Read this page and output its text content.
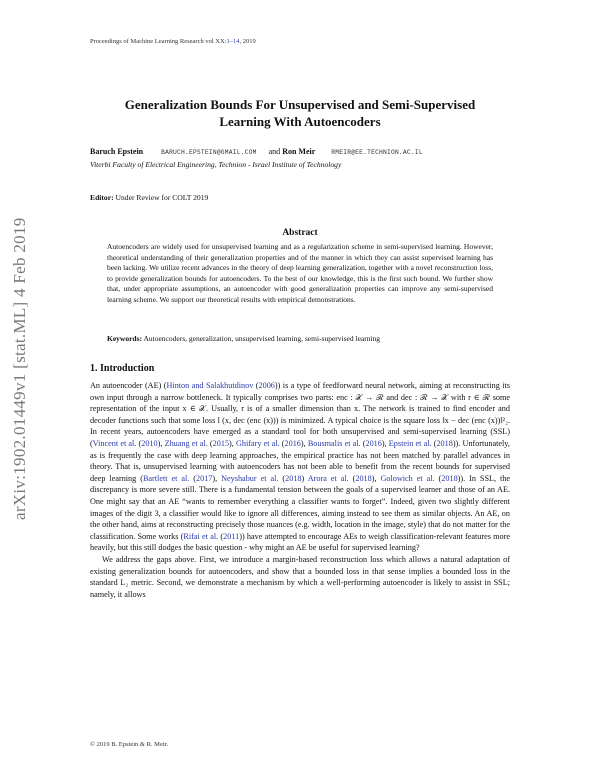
Proceedings of Machine Learning Research vol XX:1–14, 2019
Generalization Bounds For Unsupervised and Semi-Supervised
Learning With Autoencoders
Baruch Epstein	BARUCH.EPSTEIN@GMAIL.COM and Ron Meir	RMEIR@EE.TECHNION.AC.IL
Viterbi Faculty of Electrical Engineering, Technion - Israel Institute of Technology
Editor: Under Review for COLT 2019
arXiv:1902.01449v1 [stat.ML] 4 Feb 2019	Abstract
Autoencoders are widely used for unsupervised learning and as a regularization scheme in semi-supervised learning. However, theoretical understanding of their generalization properties and of the manner in which they can assist supervised learning has been lacking. We utilize recent advances in the theory of deep learning generalization, together with a novel reconstruction loss, to provide generalization bounds for autoencoders. To the best of our knowledge, this is the first such bound. We further show that, under appropriate assumptions, an autoencoder with good generalization properties can improve any semi-supervised learning scheme. We support our theoretical results with empirical demonstrations.
Keywords: Autoencoders, generalization, unsupervised learning, semi-supervised learning
1. Introduction

An autoencoder (AE) (Hinton and Salakhutdinov (2006)) is a type of feedforward neural network, aiming at reconstructing its own input through a narrow bottleneck. It typically comprises two parts: enc : 𝒳 → ℛ and dec : ℛ → 𝒳 with r ∈ ℛ some representation of the input x ∈ 𝒳. Usually, r is of a smaller dimension than x. The network is trained to find encoder and decoder functions such that some loss l (x, dec (enc (x))) is minimized. A typical choice is the square loss ‖x − dec (enc (x))‖²₂. In recent years, autoencoders have emerged as a standard tool for both unsupervised and semi-supervised learning (SSL) (Vincent et al. (2010), Zhuang et al. (2015), Ghifary et al. (2016), Bousmalis et al. (2016), Epstein et al. (2018)). Unfortunately, as is frequently the case with deep learning approaches, the empirical practice has not been matched by parallel advances in theory. That is, unsupervised learning with autoencoders has not been able to benefit from the recent bounds for supervised deep learning (Bartlett et al. (2017), Neyshabur et al. (2018) Arora et al. (2018), Golowich et al. (2018)). In SSL, the discrepancy is more severe still. There is a fundamental tension between the goals of a supervised learner and those of an AE. One might say that an AE “wants to remember everything a classifier wants to forget”. Indeed, given two slightly different images of the digit 3, a classifier would like to ignore all differences, aiming instead to see them as similar objects. An AE, on the other hand, aims at reconstructing precisely those nuances (e.g. width, location in the image, style) that do not matter for the classification. Some works (Rifai et al. (2011)) have attempted to encourage AEs to weigh classification-relevant features more heavily, but this still dodges the basic question - why might an AE be useful for supervised learning?

We address the gaps above. First, we introduce a margin-based reconstruction loss which allows a natural adaptation of existing generalization bounds for autoencoders, and show that a bounded loss in that sense implies a bounded loss in the standard L₂ metric. Second, we demonstrate a mechanism by which a well-performing autoencoder is likely to assist in SSL; namely, it allows

© 2019 B. Epstein & R. Meir.
